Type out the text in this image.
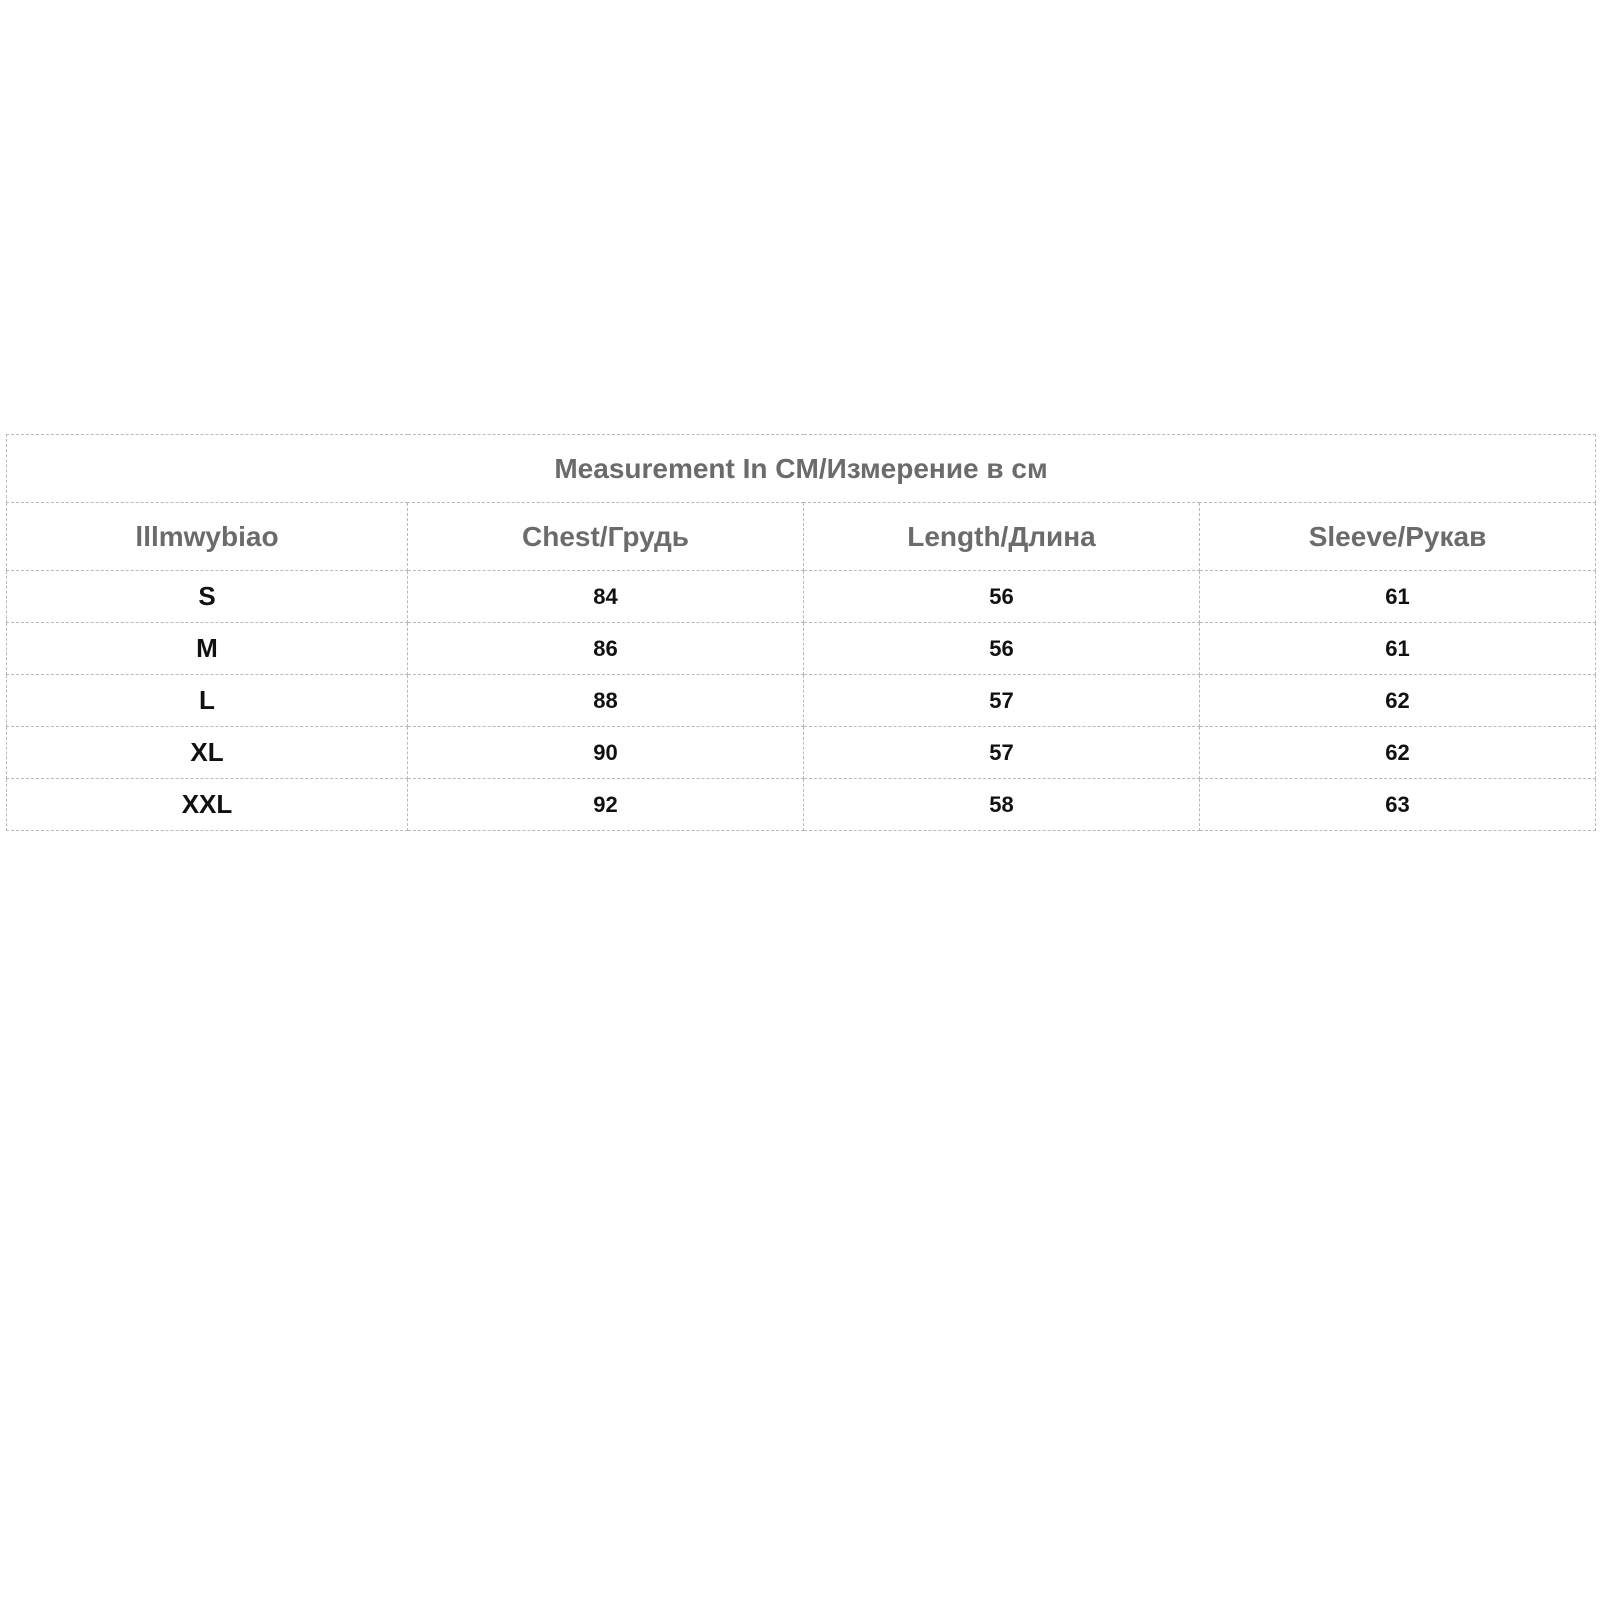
Measurement In CM/Измерение в см			
lllmwybiao	Chest/Грудь	Length/Длина	Sleeve/Рукав
S	84	56	61
M	86	56	61
L	88	57	62
XL	90	57	62
XXL	92	58	63
